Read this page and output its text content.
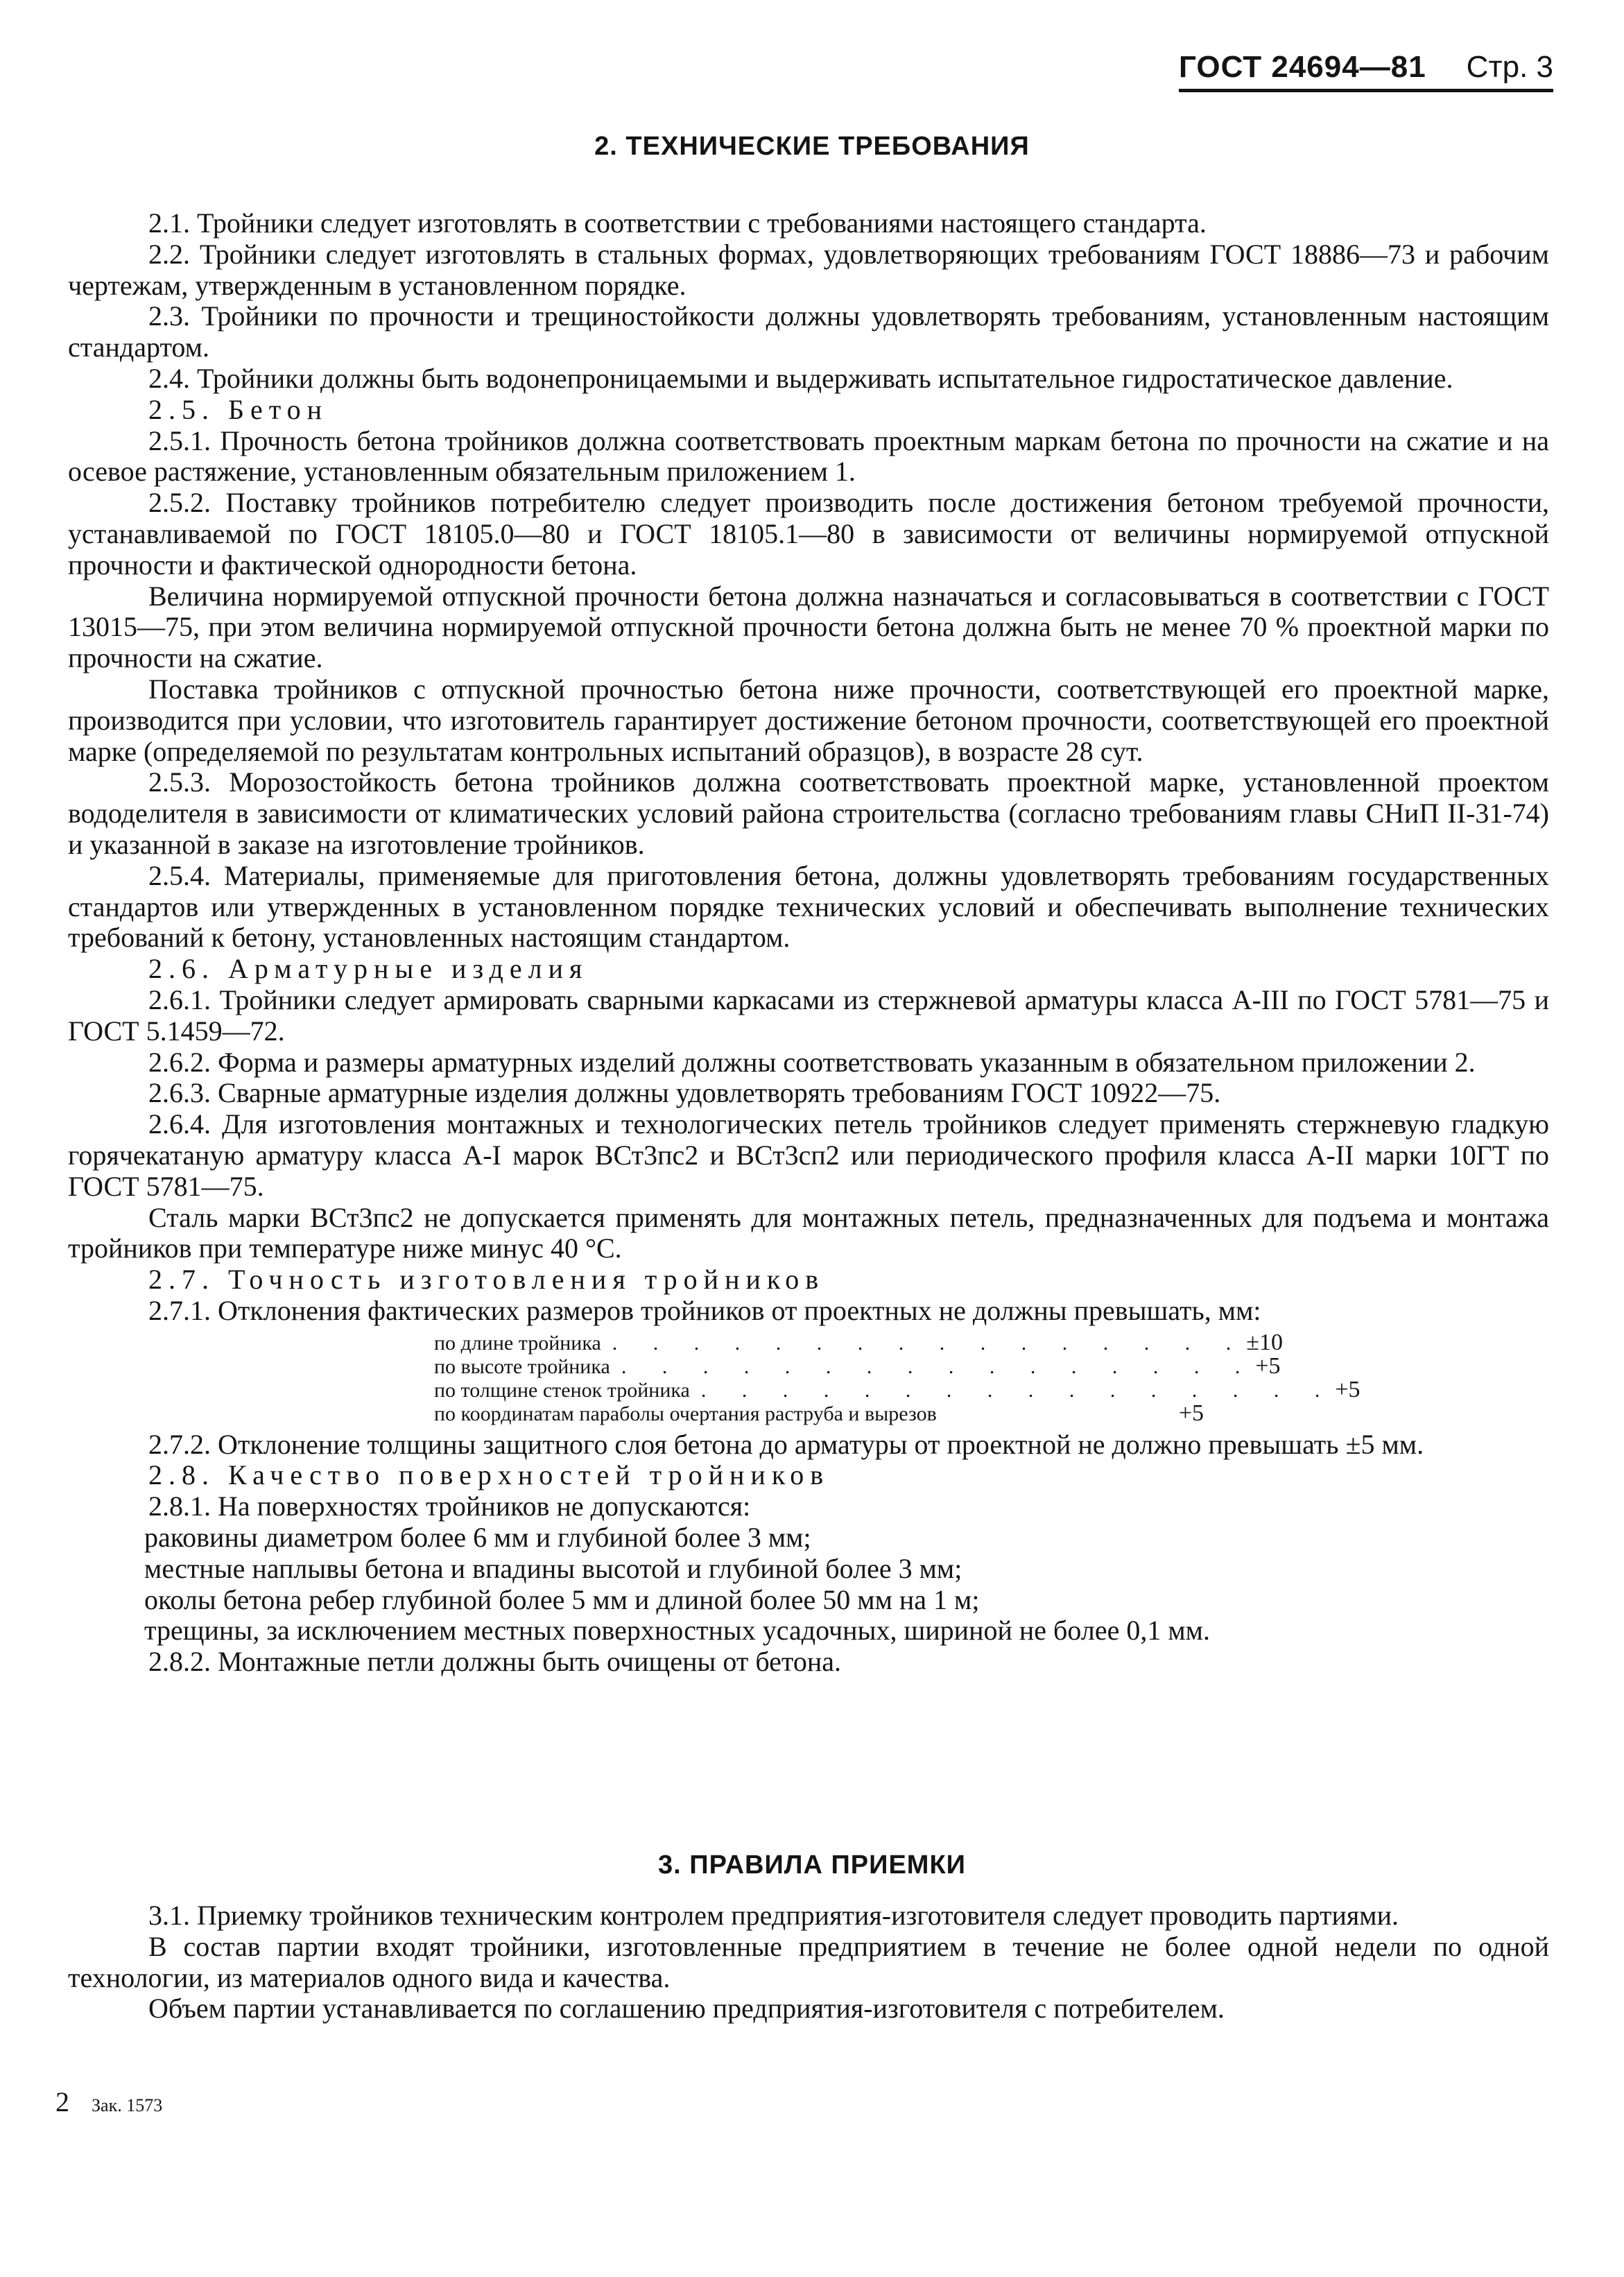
ГОСТ 24694—81 Стр. 3
2. ТЕХНИЧЕСКИЕ ТРЕБОВАНИЯ

2.1. Тройники следует изготовлять в соответствии с требованиями настоящего стандарта.

2.2. Тройники следует изготовлять в стальных формах, удовлетворяющих требованиям ГОСТ 18886—73 и рабочим чертежам, утвержденным в установленном порядке.

2.3. Тройники по прочности и трещиностойкости должны удовлетворять требованиям, установленным настоящим стандартом.

2.4. Тройники должны быть водонепроницаемыми и выдерживать испытательное гидростатическое давление.

2.5. Бетон

2.5.1. Прочность бетона тройников должна соответствовать проектным маркам бетона по прочности на сжатие и на осевое растяжение, установленным обязательным приложением 1.

2.5.2. Поставку тройников потребителю следует производить после достижения бетоном требуемой прочности, устанавливаемой по ГОСТ 18105.0—80 и ГОСТ 18105.1—80 в зависимости от величины нормируемой отпускной прочности и фактической однородности бетона.

Величина нормируемой отпускной прочности бетона должна назначаться и согласовываться в соответствии с ГОСТ 13015—75, при этом величина нормируемой отпускной прочности бетона должна быть не менее 70 % проектной марки по прочности на сжатие.

Поставка тройников с отпускной прочностью бетона ниже прочности, соответствующей его проектной марке, производится при условии, что изготовитель гарантирует достижение бетоном прочности, соответствующей его проектной марке (определяемой по результатам контрольных испытаний образцов), в возрасте 28 сут.

2.5.3. Морозостойкость бетона тройников должна соответствовать проектной марке, установленной проектом вододелителя в зависимости от климатических условий района строительства (согласно требованиям главы СНиП II-31-74) и указанной в заказе на изготовление тройников.

2.5.4. Материалы, применяемые для приготовления бетона, должны удовлетворять требованиям государственных стандартов или утвержденных в установленном порядке технических условий и обеспечивать выполнение технических требований к бетону, установленных настоящим стандартом.

2.6. Арматурные изделия

2.6.1. Тройники следует армировать сварными каркасами из стержневой арматуры класса A-III по ГОСТ 5781—75 и ГОСТ 5.1459—72.

2.6.2. Форма и размеры арматурных изделий должны соответствовать указанным в обязательном приложении 2.

2.6.3. Сварные арматурные изделия должны удовлетворять требованиям ГОСТ 10922—75.

2.6.4. Для изготовления монтажных и технологических петель тройников следует применять стержневую гладкую горячекатаную арматуру класса A-I марок ВСт3пс2 и ВСт3сп2 или периодического профиля класса A-II марки 10ГТ по ГОСТ 5781—75.

Сталь марки ВСт3пс2 не допускается применять для монтажных петель, предназначенных для подъема и монтажа тройников при температуре ниже минус 40 °С.

2.7. Точность изготовления тройников

2.7.1. Отклонения фактических размеров тройников от проектных не должны превышать, мм:

по длине тройника . . . . . . . . . . . . . . . . ±10
по высоте тройника . . . . . . . . . . . . . . . . +5
по толщине стенок тройника . . . . . . . . . . . . . . . . +5
по координатам параболы очертания раструба и вырезов	+5

2.7.2. Отклонение толщины защитного слоя бетона до арматуры от проектной не должно превышать ±5 мм.

2.8. Качество поверхностей тройников

2.8.1. На поверхностях тройников не допускаются:

раковины диаметром более 6 мм и глубиной более 3 мм;

местные наплывы бетона и впадины высотой и глубиной более 3 мм;

околы бетона ребер глубиной более 5 мм и длиной более 50 мм на 1 м;

трещины, за исключением местных поверхностных усадочных, шириной не более 0,1 мм.

2.8.2. Монтажные петли должны быть очищены от бетона.

3. ПРАВИЛА ПРИЕМКИ

3.1. Приемку тройников техническим контролем предприятия-изготовителя следует проводить партиями.

В состав партии входят тройники, изготовленные предприятием в течение не более одной недели по одной технологии, из материалов одного вида и качества.

Объем партии устанавливается по соглашению предприятия-изготовителя с потребителем.

2 Зак. 1573
